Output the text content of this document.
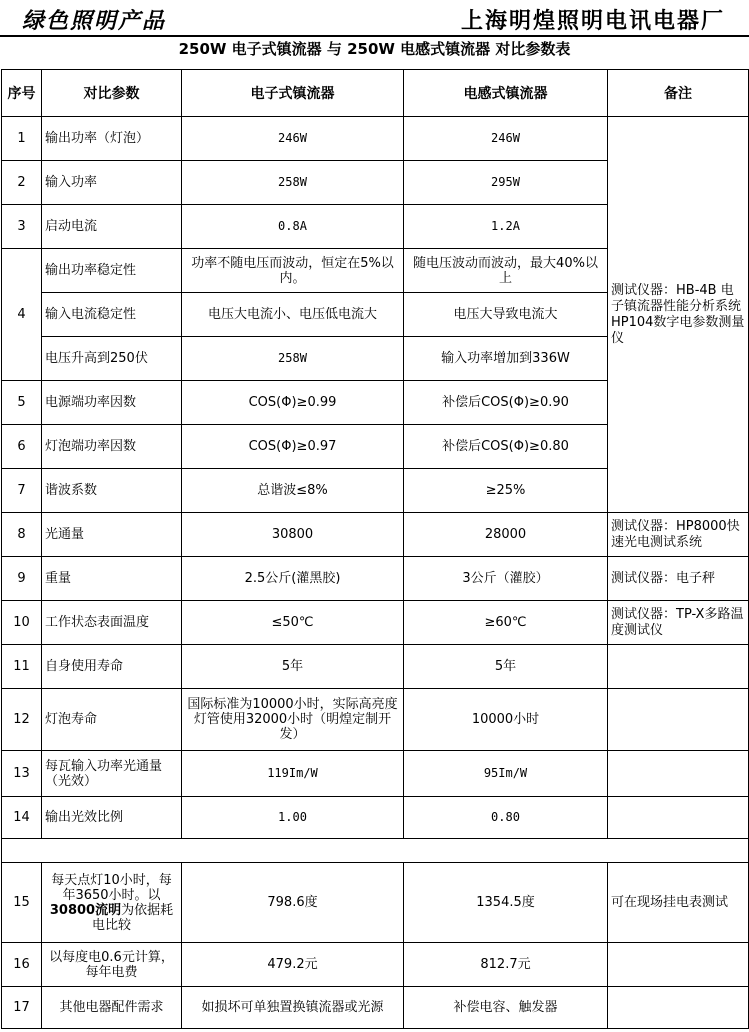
绿色照明产品	上海明煌照明电讯电器厂
250W 电子式镇流器 与 250W 电感式镇流器 对比参数表
序号	对比参数	电子式镇流器	电感式镇流器	备注
1	输出功率（灯泡）	246W	246W	测试仪器：HB-4B 电子镇流器性能分析系统HP104数字电参数测量仪
2	输入功率	258W	295W	
3	启动电流	0.8A	1.2A	
4	输出功率稳定性	功率不随电压而波动，恒定在5%以内。	随电压波动而波动，最大40%以上	
	输入电流稳定性	电压大电流小、电压低电流大	电压大导致电流大	
	电压升高到250伏	258W	输入功率增加到336W	
5	电源端功率因数	COS(Φ)≥0.99	补偿后COS(Φ)≥0.90	
6	灯泡端功率因数	COS(Φ)≥0.97	补偿后COS(Φ)≥0.80	
7	谐波系数	总谐波≤8%	≥25%	
8	光通量	30800	28000	测试仪器：HP8000快速光电测试系统
9	重量	2.5公斤(灌黑胶)	3公斤（灌胶）	测试仪器：电子秤
10	工作状态表面温度	≤50℃	≥60℃	测试仪器：TP-X多路温度测试仪
11	自身使用寿命	5年	5年	
12	灯泡寿命	国际标准为10000小时，实际高亮度灯管使用32000小时（明煌定制开发）	10000小时	
13	每瓦输入功率光通量（光效）	119Im/W	95Im/W	
14	输出光效比例	1.00	0.80	

15	每天点灯10小时，每年3650小时。以30800流明为依据耗电比较	798.6度	1354.5度	可在现场挂电表测试
16	以每度电0.6元计算，每年电费	479.2元	812.7元	
17	其他电器配件需求	如损坏可单独置换镇流器或光源	补偿电容、触发器	
